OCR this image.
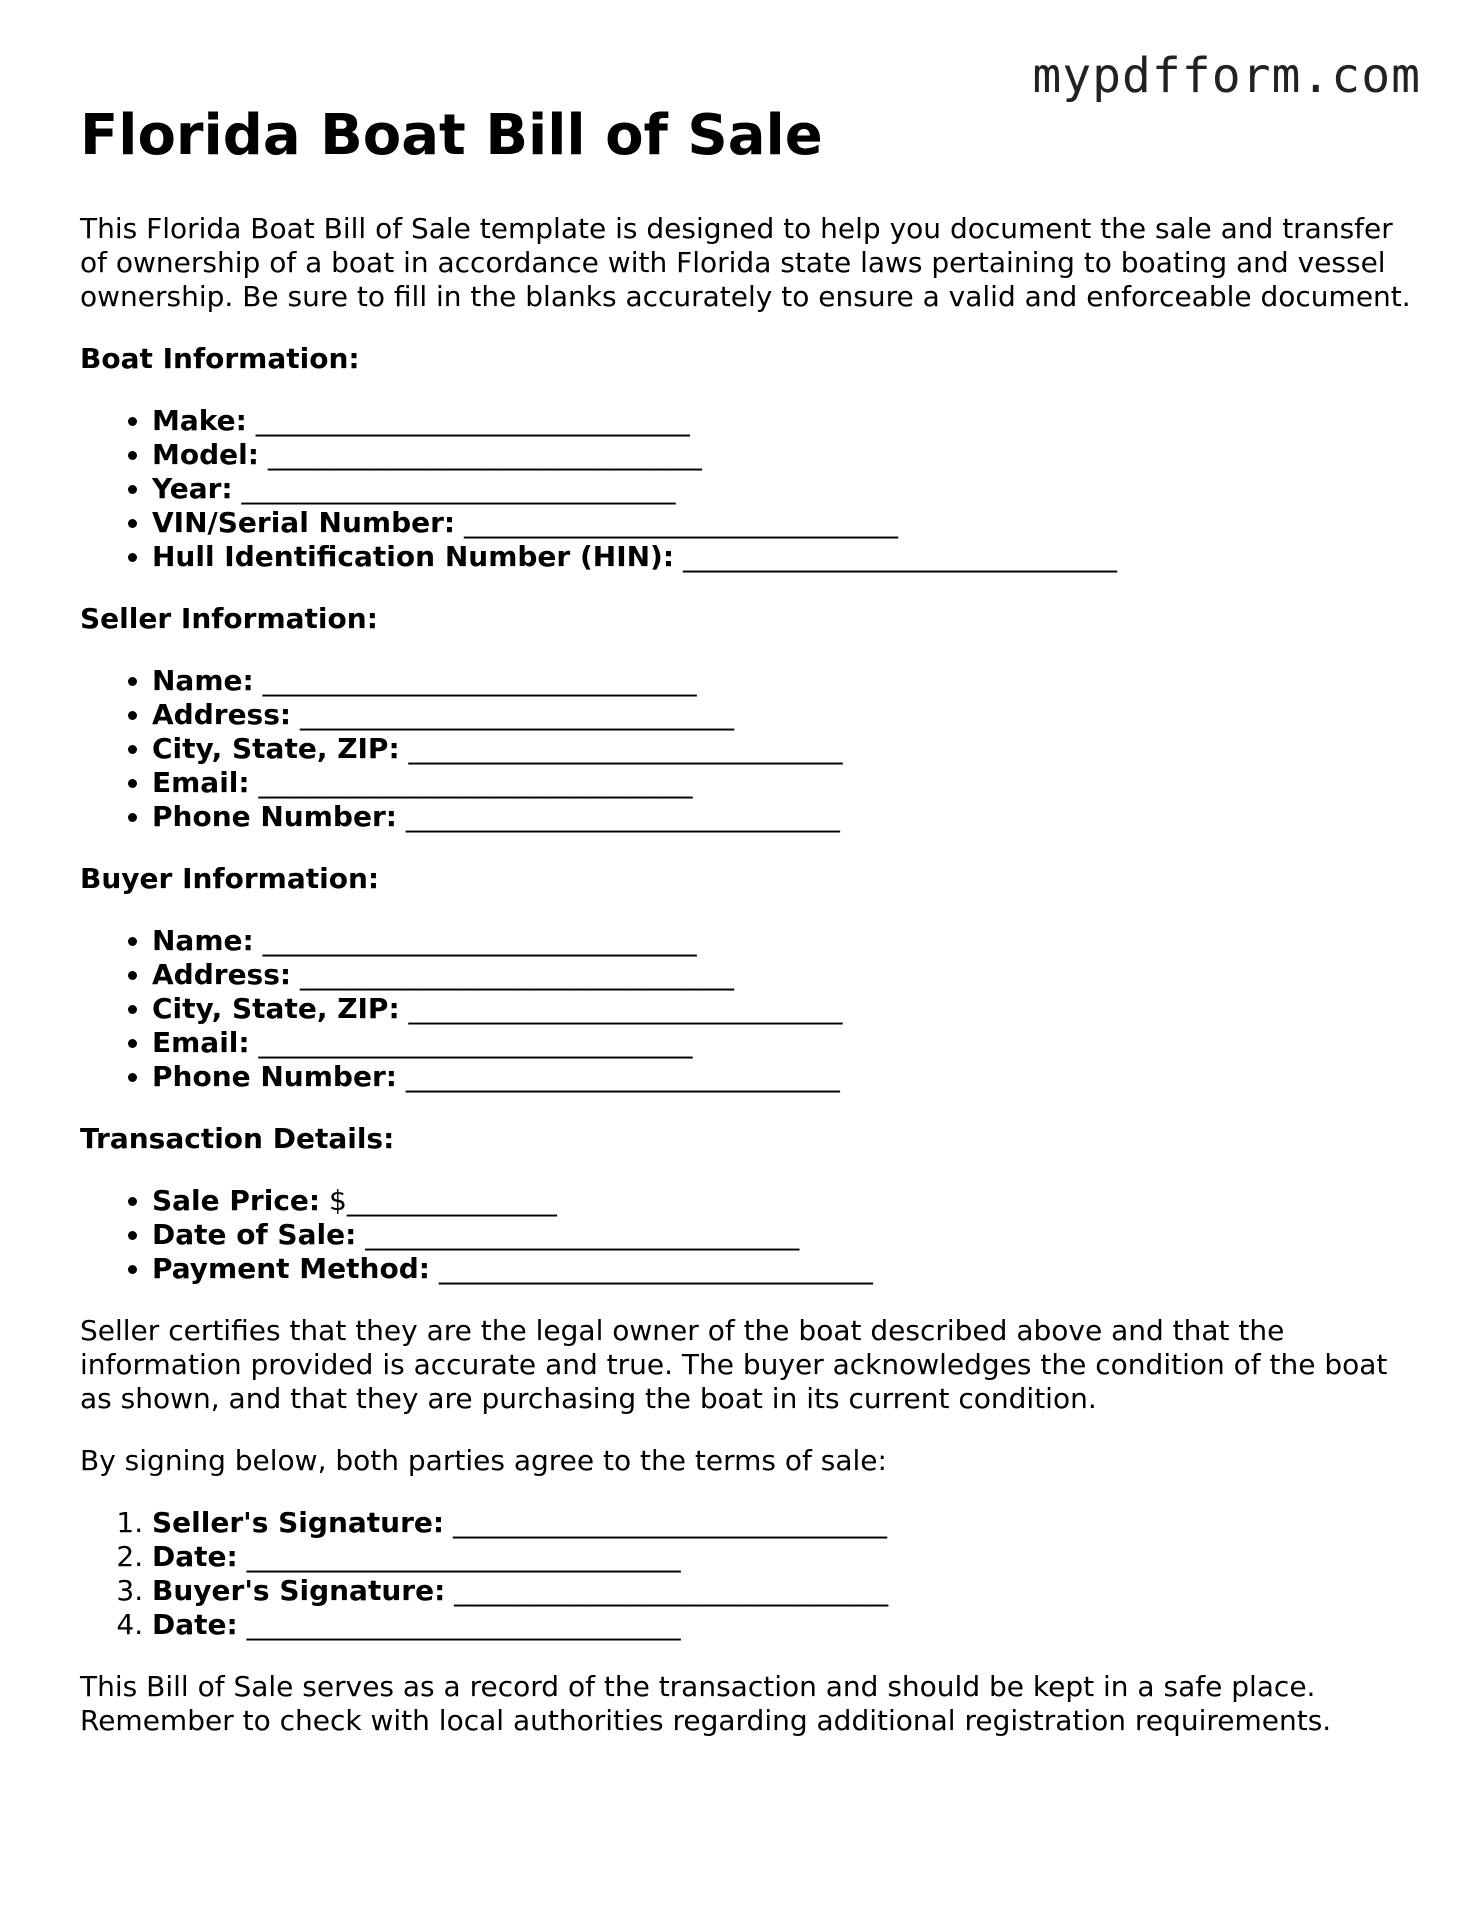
mypdfform.com
Florida Boat Bill of Sale

This Florida Boat Bill of Sale template is designed to help you document the sale and transfer of ownership of a boat in accordance with Florida state laws pertaining to boating and vessel ownership. Be sure to fill in the blanks accurately to ensure a valid and enforceable document.

Boat Information:
• Make: _______________________________
• Model: _______________________________
• Year: _______________________________
• VIN/Serial Number: _______________________________
• Hull Identification Number (HIN): _______________________________
Seller Information:
• Name: _______________________________
• Address: _______________________________
• City, State, ZIP: _______________________________
• Email: _______________________________
• Phone Number: _______________________________
Buyer Information:
• Name: _______________________________
• Address: _______________________________
• City, State, ZIP: _______________________________
• Email: _______________________________
• Phone Number: _______________________________
Transaction Details:
• Sale Price: $_______________
• Date of Sale: _______________________________
• Payment Method: _______________________________

Seller certifies that they are the legal owner of the boat described above and that the information provided is accurate and true. The buyer acknowledges the condition of the boat as shown, and that they are purchasing the boat in its current condition.

By signing below, both parties agree to the terms of sale:

1. Seller's Signature: _______________________________
2. Date: _______________________________
3. Buyer's Signature: _______________________________
4. Date: _______________________________

This Bill of Sale serves as a record of the transaction and should be kept in a safe place. Remember to check with local authorities regarding additional registration requirements.
